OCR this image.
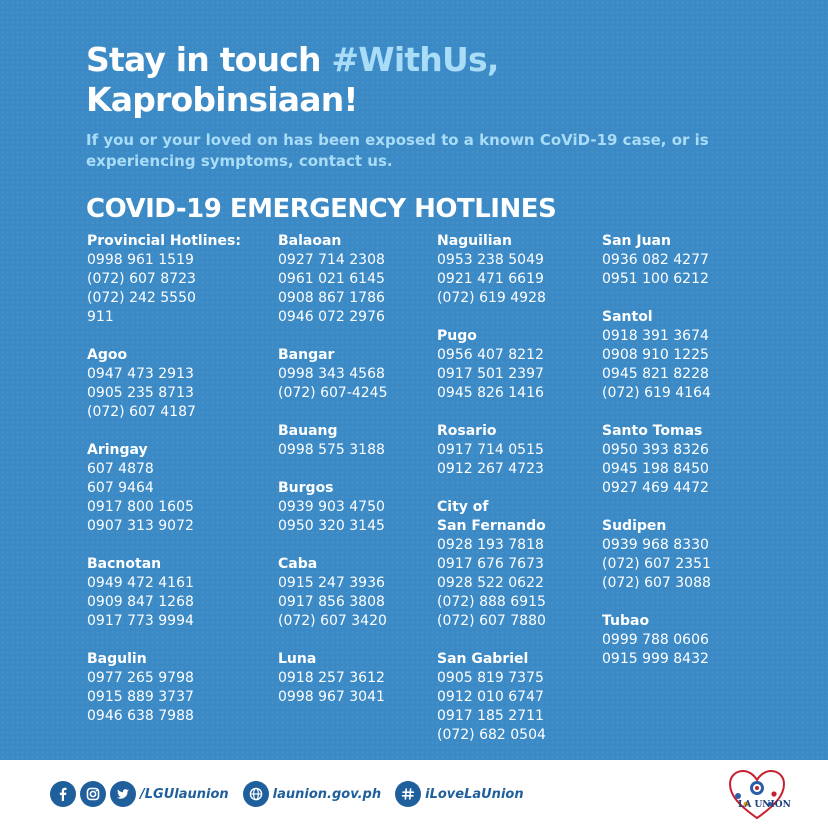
Stay in touch #WithUs,
Kaprobinsiaan!

If you or your loved on has been exposed to a known CoViD-19 case, or is experiencing symptoms, contact us.

COVID-19 EMERGENCY HOTLINES
Provincial Hotlines:
0998 961 1519
(072) 607 8723
(072) 242 5550
911
Agoo
0947 473 2913
0905 235 8713
(072) 607 4187
Aringay
607 4878
607 9464
0917 800 1605
0907 313 9072
Bacnotan
0949 472 4161
0909 847 1268
0917 773 9994
Bagulin
0977 265 9798
0915 889 3737
0946 638 7988
Balaoan
0927 714 2308
0961 021 6145
0908 867 1786
0946 072 2976
Bangar
0998 343 4568
(072) 607-4245
Bauang
0998 575 3188
Burgos
0939 903 4750
0950 320 3145
Caba
0915 247 3936
0917 856 3808
(072) 607 3420
Luna
0918 257 3612
0998 967 3041
Naguilian
0953 238 5049
0921 471 6619
(072) 619 4928
Pugo
0956 407 8212
0917 501 2397
0945 826 1416
Rosario
0917 714 0515
0912 267 4723
City of
San Fernando
0928 193 7818
0917 676 7673
0928 522 0622
(072) 888 6915
(072) 607 7880
San Gabriel
0905 819 7375
0912 010 6747
0917 185 2711
(072) 682 0504
San Juan
0936 082 4277
0951 100 6212
Santol
0918 391 3674
0908 910 1225
0945 821 8228
(072) 619 4164
Santo Tomas
0950 393 8326
0945 198 8450
0927 469 4472
Sudipen
0939 968 8330
(072) 607 2351
(072) 607 3088
Tubao
0999 788 0606
0915 999 8432
/LGUlaunion	launion.gov.ph	iLoveLaUnion
LA UNION
